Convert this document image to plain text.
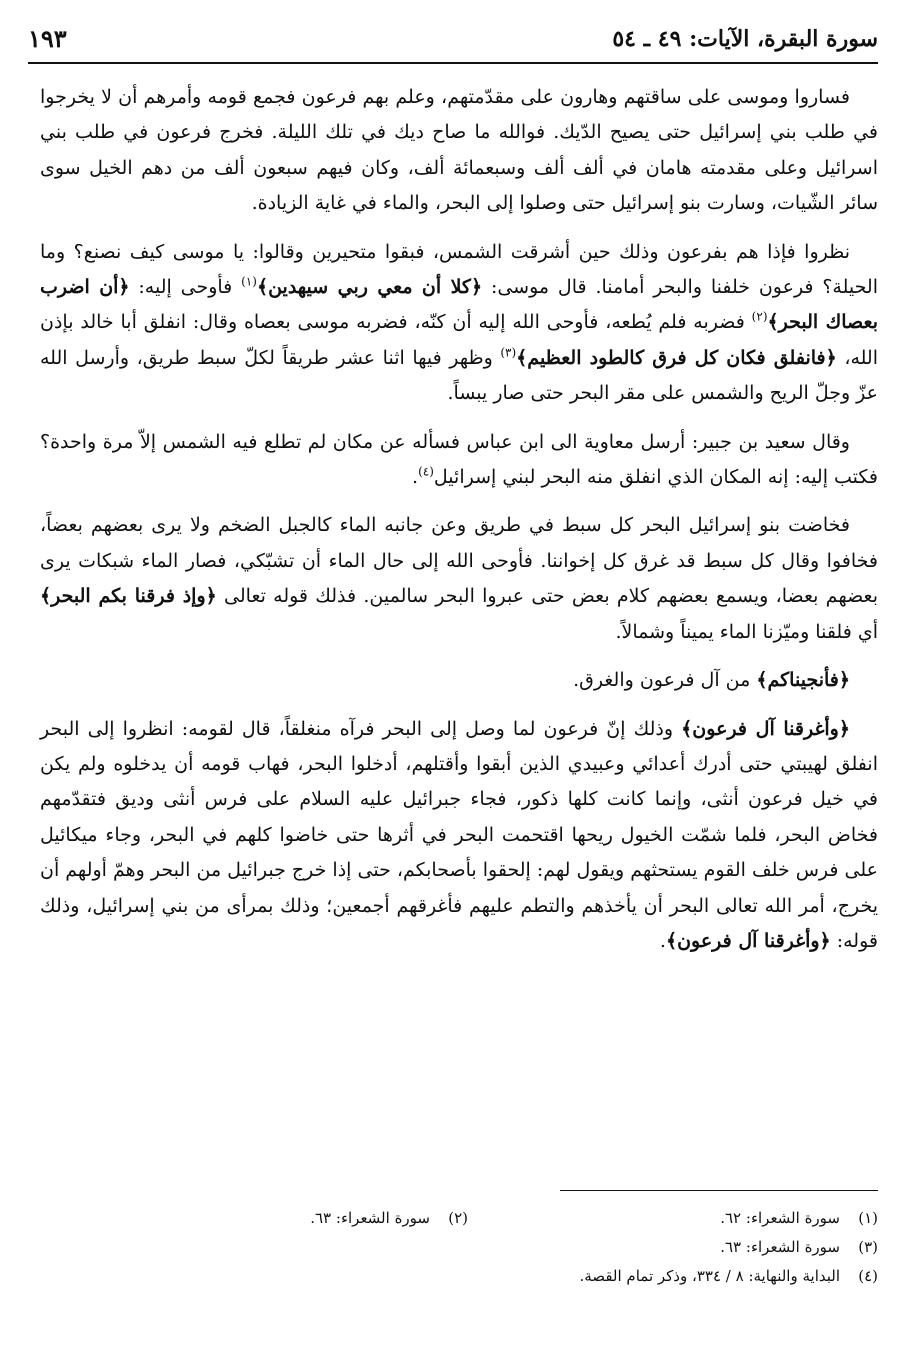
سورة البقرة، الآيات: ٤٩ ـ ٥٤
١٩٣

فساروا وموسى على ساقتهم وهارون على مقدّمتهم، وعلم بهم فرعون فجمع قومه وأمرهم أن لا يخرجوا في طلب بني إسرائيل حتى يصيح الدّيك. فوالله ما صاح ديك في تلك الليلة. فخرج فرعون في طلب بني اسرائيل وعلى مقدمته هامان في ألف ألف وسبعمائة ألف، وكان فيهم سبعون ألف من دهم الخيل سوى سائر الشّيات، وسارت بنو إسرائيل حتى وصلوا إلى البحر، والماء في غاية الزيادة.

نظروا فإذا هم بفرعون وذلك حين أشرقت الشمس، فبقوا متحيرين وقالوا: يا موسى كيف نصنع؟ وما الحيلة؟ فرعون خلفنا والبحر أمامنا. قال موسى: ﴿كلا أن معي ربي سيهدين﴾$^{(١)}$ فأوحى إليه: ﴿أن اضرب بعصاك البحر﴾$^{(٢)}$ فضربه فلم يُطعه، فأوحى الله إليه أن كنّه، فضربه موسى بعصاه وقال: انفلق أبا خالد بإذن الله، ﴿فانفلق فكان كل فرق كالطود العظيم﴾$^{(٣)}$ وظهر فيها اثنا عشر طريقاً لكلّ سبط طريق، وأرسل الله عزّ وجلّ الريح والشمس على مقر البحر حتى صار يبساً.

وقال سعيد بن جبير: أرسل معاوية الى ابن عباس فسأله عن مكان لم تطلع فيه الشمس إلاّ مرة واحدة؟ فكتب إليه: إنه المكان الذي انفلق منه البحر لبني إسرائيل$^{(٤)}$.

فخاضت بنو إسرائيل البحر كل سبط في طريق وعن جانبه الماء كالجبل الضخم ولا يرى بعضهم بعضاً، فخافوا وقال كل سبط قد غرق كل إخواننا. فأوحى الله إلى حال الماء أن تشبّكي، فصار الماء شبكات يرى بعضهم بعضا، ويسمع بعضهم كلام بعض حتى عبروا البحر سالمين. فذلك قوله تعالى ﴿وإذ فرقنا بكم البحر﴾ أي فلقنا وميّزنا الماء يميناً وشمالاً.

﴿فأنجيناكم﴾ من آل فرعون والغرق.

﴿وأغرقنا آل فرعون﴾ وذلك إنّ فرعون لما وصل إلى البحر فرآه منغلقاً، قال لقومه: انظروا إلى البحر انفلق لهيبتي حتى أدرك أعدائي وعبيدي الذين أبقوا وأقتلهم، أدخلوا البحر، فهاب قومه أن يدخلوه ولم يكن في خيل فرعون أنثى، وإنما كانت كلها ذكور، فجاء جبرائيل عليه السلام على فرس أنثى وديق فتقدّمهم فخاض البحر، فلما شمّت الخيول ريحها اقتحمت البحر في أثرها حتى خاضوا كلهم في البحر، وجاء ميكائيل على فرس خلف القوم يستحثهم ويقول لهم: إلحقوا بأصحابكم، حتى إذا خرج جبرائيل من البحر وهمّ أولهم أن يخرج، أمر الله تعالى البحر أن يأخذهم والتطم عليهم فأغرقهم أجمعين؛ وذلك بمرأى من بني إسرائيل، وذلك قوله: ﴿وأغرقنا آل فرعون﴾.

(١)
سورة الشعراء: ٦٢.
(٢)
سورة الشعراء: ٦٣.
(٣)
سورة الشعراء: ٦٣.
(٤)
البداية والنهاية: ٨ / ٣٣٤، وذكر تمام القصة.
